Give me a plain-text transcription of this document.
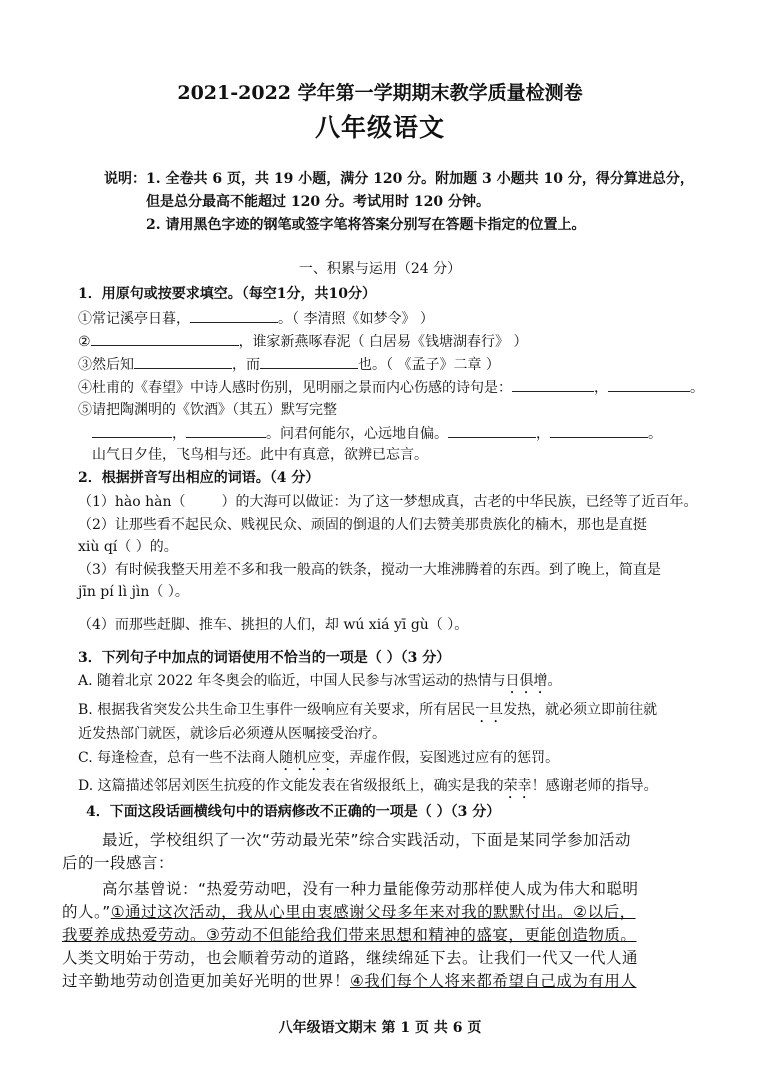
2021-2022 学年第一学期期末教学质量检测卷
八年级语文
说明：1. 全卷共 6 页，共 19 小题，满分 120 分。附加题 3 小题共 10 分，得分算进总分，
但是总分最高不能超过 120 分。考试用时 120 分钟。
2. 请用黑色字迹的钢笔或签字笔将答案分别写在答题卡指定的位置上。
一、积累与运用（24 分）
1．用原句或按要求填空。（每空1分，共10分）
①常记溪亭日暮，	。（ 李清照《如梦令》 ）
②	，谁家新燕啄春泥（ 白居易《钱塘湖春行》 ）
③然后知	，而	也。（ 《孟子》二章 ）
④杜甫的《春望》中诗人感时伤别，见明丽之景而内心伤感的诗句是：	，	。
⑤请把陶渊明的《饮酒》（其五）默写完整
，	。问君何能尔，心远地自偏。	，	。
山气日夕佳，飞鸟相与还。此中有真意，欲辨已忘言。
2．根据拼音写出相应的词语。（4 分）
（1）hào hàn（	）的大海可以做证：为了这一梦想成真，古老的中华民族，已经等了近百年。
（2）让那些看不起民众、贱视民众、顽固的倒退的人们去赞美那贵族化的楠木，那也是直挺
xiù qí（ ）的。
（3）有时候我整天用差不多和我一般高的铁条，搅动一大堆沸腾着的东西。到了晚上，简直是
jīn pí lì jìn（ ）。
（4）而那些赶脚、推车、挑担的人们，却 wú xiá yī gù（ ）。
3．下列句子中加点的词语使用不恰当的一项是（ ）（3 分）
A. 随着北京 2022 年冬奥会的临近，中国人民参与冰雪运动的热情与日俱增。
B. 根据我省突发公共生命卫生事件一级响应有关要求，所有居民一旦发热，就必须立即前往就
近发热部门就医，就诊后必须遵从医嘱接受治疗。
C. 每逢检查，总有一些不法商人随机应变，弄虚作假，妄图逃过应有的惩罚。
D. 这篇描述邻居刘医生抗疫的作文能发表在省级报纸上，确实是我的荣幸！感谢老师的指导。
4．下面这段话画横线句中的语病修改不正确的一项是（ ）（3 分）
最近，学校组织了一次“劳动最光荣”综合实践活动，下面是某同学参加活动
后的一段感言：
高尔基曾说：“热爱劳动吧，没有一种力量能像劳动那样使人成为伟大和聪明
的人。”①通过这次活动，我从心里由衷感谢父母多年来对我的默默付出。②以后，
我要养成热爱劳动。③劳动不但能给我们带来思想和精神的盛宴，更能创造物质。
人类文明始于劳动，也会顺着劳动的道路，继续绵延下去。让我们一代又一代人通
过辛勤地劳动创造更加美好光明的世界！④我们每个人将来都希望自己成为有用人
八年级语文期末 第 1 页 共 6 页
